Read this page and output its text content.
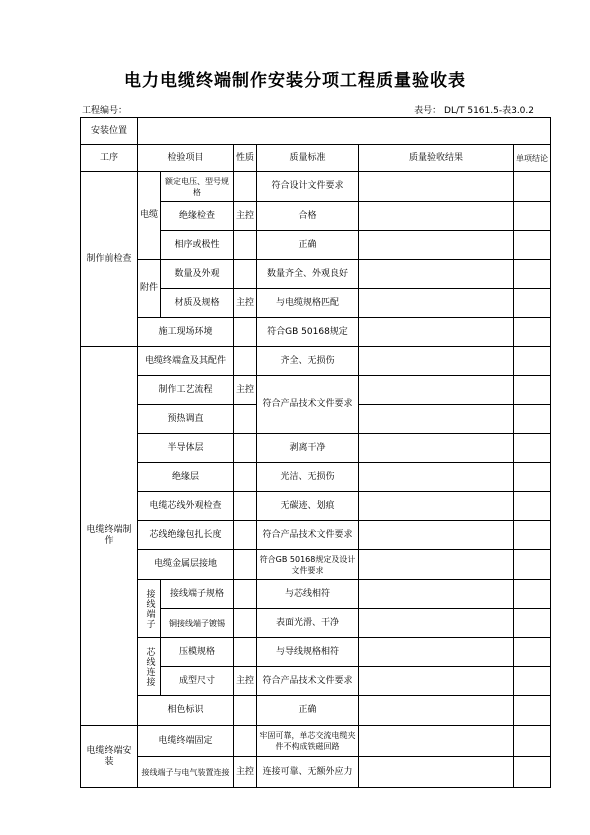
电力电缆终端制作安装分项工程质量验收表
工程编号：	表号： DL/T 5161.5-表3.0.2
安装位置						
工序	检验项目		性质	质量标准	质量验收结果	单项结论
制作前检查	电缆	额定电压、型号规格		符合设计文件要求		
		绝缘检查	主控	合格		
		相序或极性		正确		
	附件	数量及外观		数量齐全、外观良好		
		材质及规格	主控	与电缆规格匹配		
	施工现场环境			符合GB 50168规定		
电缆终端制作	电缆终端盒及其配件			齐全、无损伤		
	制作工艺流程		主控	符合产品技术文件要求		
	预热调直					
	半导体层			剥离干净		
	绝缘层			光洁、无损伤		
	电缆芯线外观检查			无碳迹、划痕		
	芯线绝缘包扎长度			符合产品技术文件要求		
	电缆金属层接地			符合GB 50168规定及设计文件要求		
	接线端子	接线端子规格		与芯线相符		
		铜接线端子镀锡		表面光滑、干净		
	芯线连接	压模规格		与导线规格相符		
		成型尺寸	主控	符合产品技术文件要求		
	相色标识			正确		
电缆终端安装	电缆终端固定			牢固可靠，单芯交流电缆夹件不构成铁磁回路		
	接线端子与电气装置连接		主控	连接可靠、无额外应力		
